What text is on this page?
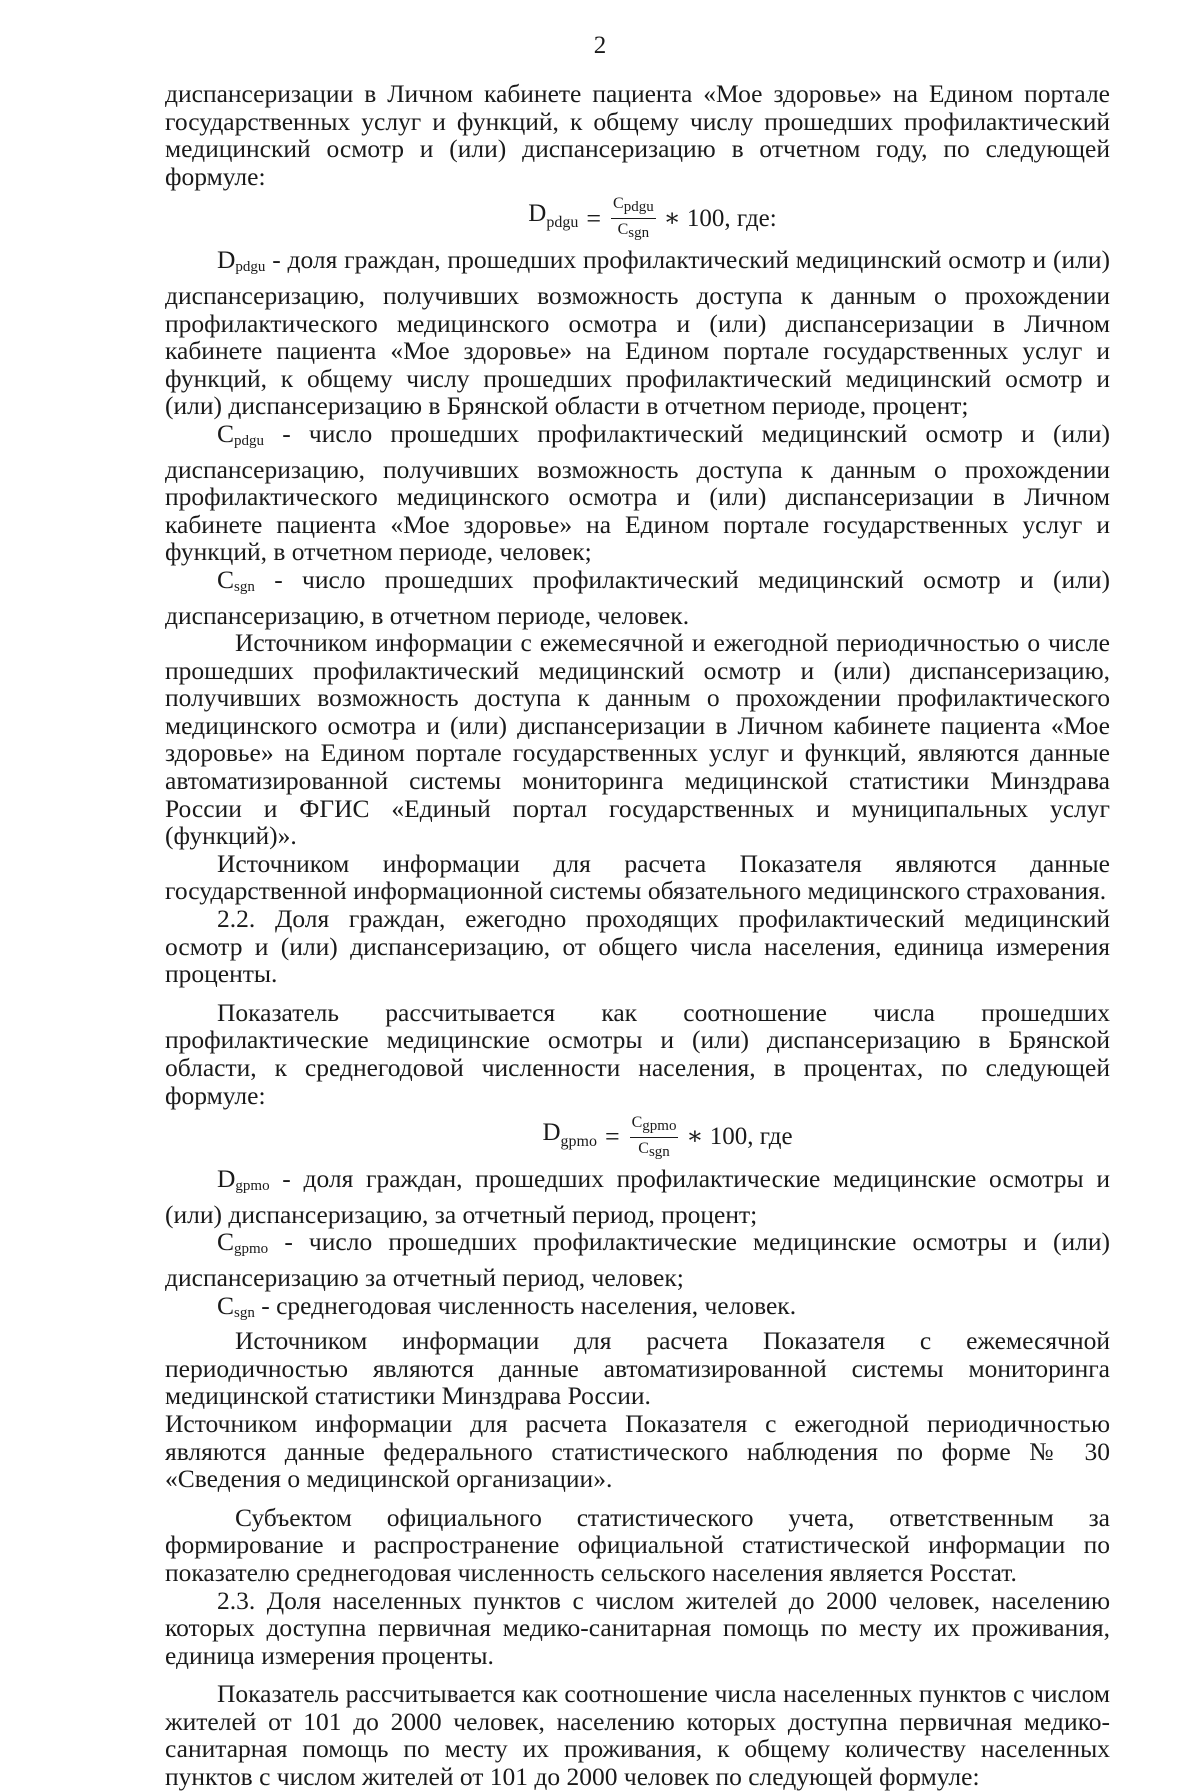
2

диспансеризации в Личном кабинете пациента «Мое здоровье» на Едином портале государственных услуг и функций, к общему числу прошедших профилактический медицинский осмотр и (или) диспансеризацию в отчетном году, по следующей формуле:

$D_{pdgu} = \frac{\text{Cpdgu}}{\text{Csgn}}$ ∗ 100, где:

$D_{pdgu}$ - доля граждан, прошедших профилактический медицинский осмотр и (или) диспансеризацию, получивших возможность доступа к данным о прохождении профилактического медицинского осмотра и (или) диспансеризации в Личном кабинете пациента «Мое здоровье» на Едином портале государственных услуг и функций, к общему числу прошедших профилактический медицинский осмотр и (или) диспансеризацию в Брянской области в отчетном периоде, процент;

$C_{pdgu}$ - число прошедших профилактический медицинский осмотр и (или) диспансеризацию, получивших возможность доступа к данным о прохождении профилактического медицинского осмотра и (или) диспансеризации в Личном кабинете пациента «Мое здоровье» на Едином портале государственных услуг и функций, в отчетном периоде, человек;

$C_{sgn}$ - число прошедших профилактический медицинский осмотр и (или) диспансеризацию, в отчетном периоде, человек.

Источником информации с ежемесячной и ежегодной периодичностью о числе прошедших профилактический медицинский осмотр и (или) диспансеризацию, получивших возможность доступа к данным о прохождении профилактического медицинского осмотра и (или) диспансеризации в Личном кабинете пациента «Мое здоровье» на Едином портале государственных услуг и функций, являются данные автоматизированной системы мониторинга медицинской статистики Минздрава России и ФГИС «Единый портал государственных и муниципальных услуг (функций)».

Источником информации для расчета Показателя являются данные государственной информационной системы обязательного медицинского страхования.

2.2. Доля граждан, ежегодно проходящих профилактический медицинский осмотр и (или) диспансеризацию, от общего числа населения, единица измерения проценты.

Показатель рассчитывается как соотношение числа прошедших профилактические медицинские осмотры и (или) диспансеризацию в Брянской области, к среднегодовой численности населения, в процентах, по следующей формуле:

$D_{gpmo} = \frac{\text{Cgpmo}}{\text{Csgn}}$ ∗ 100, где

$D_{gpmo}$ - доля граждан, прошедших профилактические медицинские осмотры и (или) диспансеризацию, за отчетный период, процент;

$C_{gpmo}$ - число прошедших профилактические медицинские осмотры и (или) диспансеризацию за отчетный период, человек;

$C_{sgn}$ - среднегодовая численность населения, человек.

Источником информации для расчета Показателя с ежемесячной периодичностью являются данные автоматизированной системы мониторинга медицинской статистики Минздрава России.

Источником информации для расчета Показателя с ежегодной периодичностью являются данные федерального статистического наблюдения по форме № 30 «Сведения о медицинской организации».

Субъектом официального статистического учета, ответственным за формирование и распространение официальной статистической информации по показателю среднегодовая численность сельского населения является Росстат.

2.3. Доля населенных пунктов с числом жителей до 2000 человек, населению которых доступна первичная медико-санитарная помощь по месту их проживания, единица измерения проценты.

Показатель рассчитывается как соотношение числа населенных пунктов с числом жителей от 101 до 2000 человек, населению которых доступна первичная медико-санитарная помощь по месту их проживания, к общему количеству населенных пунктов с числом жителей от 101 до 2000 человек по следующей формуле:
